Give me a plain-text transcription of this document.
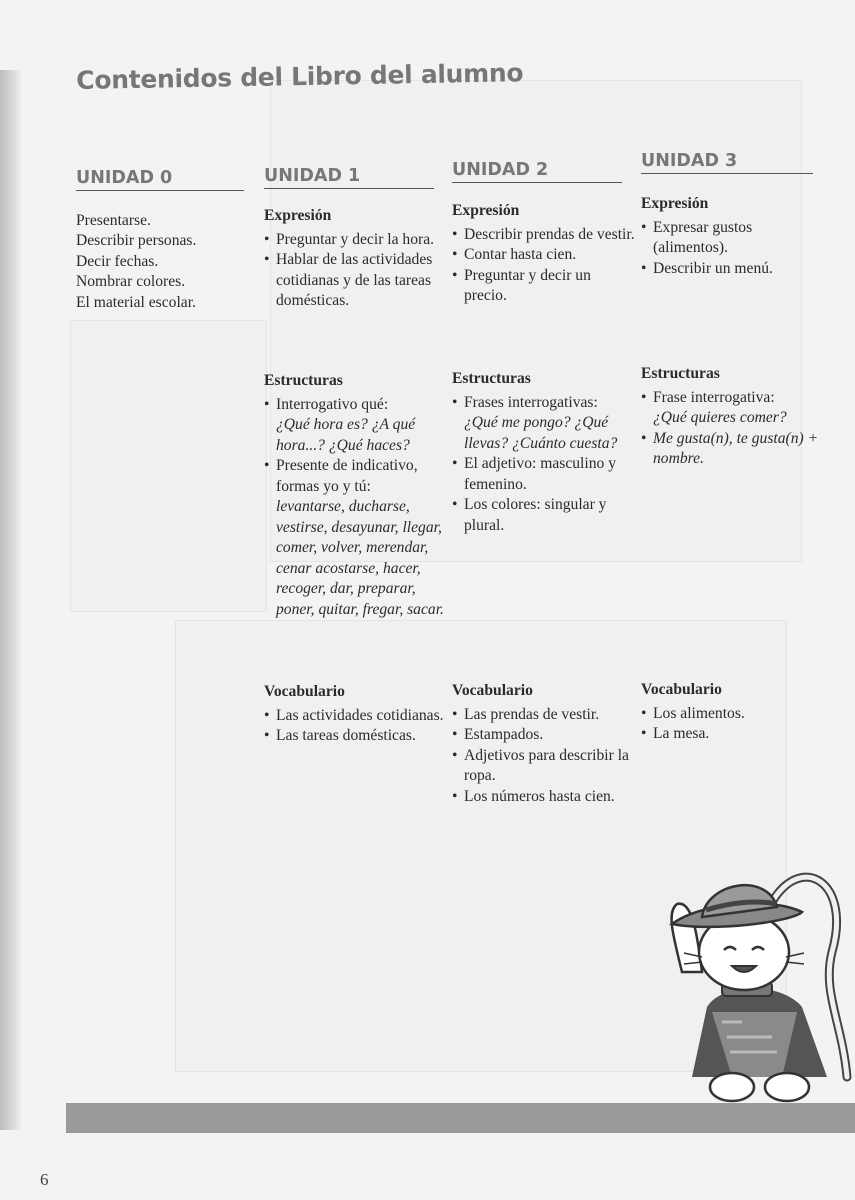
Contenidos del Libro del alumno
UNIDAD 0
Presentarse.
Describir personas.
Decir fechas.
Nombrar colores.
El material escolar.
UNIDAD 1
Expresión
• Preguntar y decir la hora.
• Hablar de las actividades cotidianas y de las tareas domésticas.
Estructuras
• Interrogativo qué:
¿Qué hora es? ¿A qué hora...? ¿Qué haces?
• Presente de indicativo, formas yo y tú:
levantarse, ducharse, vestirse, desayunar, llegar, comer, volver, merendar, cenar acostarse, hacer, recoger, dar, preparar, poner, quitar, fregar, sacar.
Vocabulario
• Las actividades cotidianas.
• Las tareas domésticas.
UNIDAD 2
Expresión
• Describir prendas de vestir.
• Contar hasta cien.
• Preguntar y decir un precio.
Estructuras
• Frases interrogativas:
¿Qué me pongo? ¿Qué llevas? ¿Cuánto cuesta?
• El adjetivo: masculino y femenino.
• Los colores: singular y plural.
Vocabulario
• Las prendas de vestir.
• Estampados.
• Adjetivos para describir la ropa.
• Los números hasta cien.
UNIDAD 3
Expresión
• Expresar gustos (alimentos).
• Describir un menú.
Estructuras
• Frase interrogativa:
¿Qué quieres comer?
• Me gusta(n), te gusta(n) + nombre.
Vocabulario
• Los alimentos.
• La mesa.
6
